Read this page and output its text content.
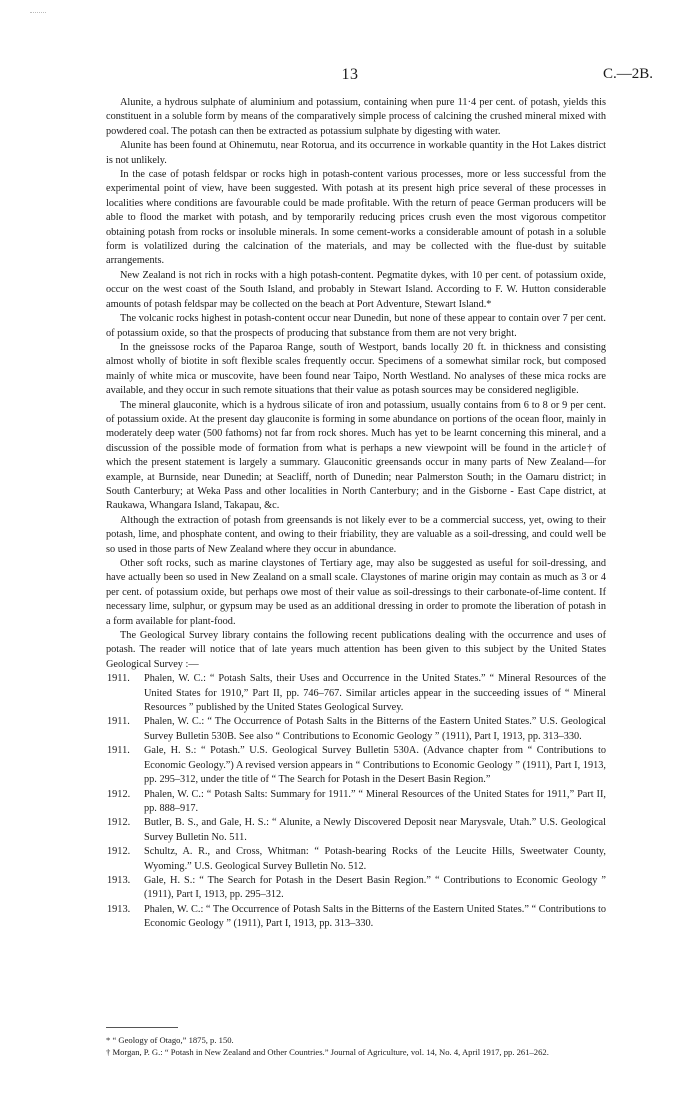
13	C.—2B.

Alunite, a hydrous sulphate of aluminium and potassium, containing when pure 11·4 per cent. of potash, yields this constituent in a soluble form by means of the comparatively simple process of calcining the crushed mineral mixed with powdered coal. The potash can then be extracted as potassium sulphate by digesting with water.

Alunite has been found at Ohinemutu, near Rotorua, and its occurrence in workable quantity in the Hot Lakes district is not unlikely.

In the case of potash feldspar or rocks high in potash-content various processes, more or less successful from the experimental point of view, have been suggested. With potash at its present high price several of these processes in localities where conditions are favourable could be made profitable. With the return of peace German producers will be able to flood the market with potash, and by temporarily reducing prices crush even the most vigorous competitor obtaining potash from rocks or insoluble minerals. In some cement-works a considerable amount of potash in a soluble form is volatilized during the calcination of the materials, and may be collected with the flue-dust by suitable arrangements.

New Zealand is not rich in rocks with a high potash-content. Pegmatite dykes, with 10 per cent. of potassium oxide, occur on the west coast of the South Island, and probably in Stewart Island. According to F. W. Hutton considerable amounts of potash feldspar may be collected on the beach at Port Adventure, Stewart Island.*

The volcanic rocks highest in potash-content occur near Dunedin, but none of these appear to contain over 7 per cent. of potassium oxide, so that the prospects of producing that substance from them are not very bright.

In the gneissose rocks of the Paparoa Range, south of Westport, bands locally 20 ft. in thickness and consisting almost wholly of biotite in soft flexible scales frequently occur. Specimens of a somewhat similar rock, but composed mainly of white mica or muscovite, have been found near Taipo, North Westland. No analyses of these mica rocks are available, and they occur in such remote situations that their value as potash sources may be considered negligible.

The mineral glauconite, which is a hydrous silicate of iron and potassium, usually contains from 6 to 8 or 9 per cent. of potassium oxide. At the present day glauconite is forming in some abundance on portions of the ocean floor, mainly in moderately deep water (500 fathoms) not far from rock shores. Much has yet to be learnt concerning this mineral, and a discussion of the possible mode of formation from what is perhaps a new viewpoint will be found in the article† of which the present statement is largely a summary. Glauconitic greensands occur in many parts of New Zealand—for example, at Burnside, near Dunedin; at Seacliff, north of Dunedin; near Palmerston South; in the Oamaru district; in South Canterbury; at Weka Pass and other localities in North Canterbury; and in the Gisborne - East Cape district, at Raukawa, Whangara Island, Takapau, &c.

Although the extraction of potash from greensands is not likely ever to be a commercial success, yet, owing to their potash, lime, and phosphate content, and owing to their friability, they are valuable as a soil-dressing, and could well be so used in those parts of New Zealand where they occur in abundance.

Other soft rocks, such as marine claystones of Tertiary age, may also be suggested as useful for soil-dressing, and have actually been so used in New Zealand on a small scale. Claystones of marine origin may contain as much as 3 or 4 per cent. of potassium oxide, but perhaps owe most of their value as soil-dressings to their carbonate-of-lime content. If necessary lime, sulphur, or gypsum may be used as an additional dressing in order to promote the liberation of potash in a form available for plant-food.

The Geological Survey library contains the following recent publications dealing with the occurrence and uses of potash. The reader will notice that of late years much attention has been given to this subject by the United States Geological Survey :—

1911.	Phalen, W. C.: “ Potash Salts, their Uses and Occurrence in the United States.” “ Mineral Resources of the United States for 1910,” Part II, pp. 746–767. Similar articles appear in the succeeding issues of “ Mineral Resources ” published by the United States Geological Survey.
1911.	Phalen, W. C.: “ The Occurrence of Potash Salts in the Bitterns of the Eastern United States.” U.S. Geological Survey Bulletin 530B. See also “ Contributions to Economic Geology ” (1911), Part I, 1913, pp. 313–330.
1911.	Gale, H. S.: “ Potash.” U.S. Geological Survey Bulletin 530A. (Advance chapter from “ Contributions to Economic Geology.”) A revised version appears in “ Contributions to Economic Geology ” (1911), Part I, 1913, pp. 295–312, under the title of “ The Search for Potash in the Desert Basin Region.”
1912.	Phalen, W. C.: “ Potash Salts: Summary for 1911.” “ Mineral Resources of the United States for 1911,” Part II, pp. 888–917.
1912.	Butler, B. S., and Gale, H. S.: “ Alunite, a Newly Discovered Deposit near Marysvale, Utah.” U.S. Geological Survey Bulletin No. 511.
1912.	Schultz, A. R., and Cross, Whitman: “ Potash-bearing Rocks of the Leucite Hills, Sweetwater County, Wyoming.” U.S. Geological Survey Bulletin No. 512.
1913.	Gale, H. S.: “ The Search for Potash in the Desert Basin Region.” “ Contributions to Economic Geology ” (1911), Part I, 1913, pp. 295–312.
1913.	Phalen, W. C.: “ The Occurrence of Potash Salts in the Bitterns of the Eastern United States.” “ Contributions to Economic Geology ” (1911), Part I, 1913, pp. 313–330.

* “ Geology of Otago,” 1875, p. 150.

† Morgan, P. G.: “ Potash in New Zealand and Other Countries.” Journal of Agriculture, vol. 14, No. 4, April 1917, pp. 261–262.
